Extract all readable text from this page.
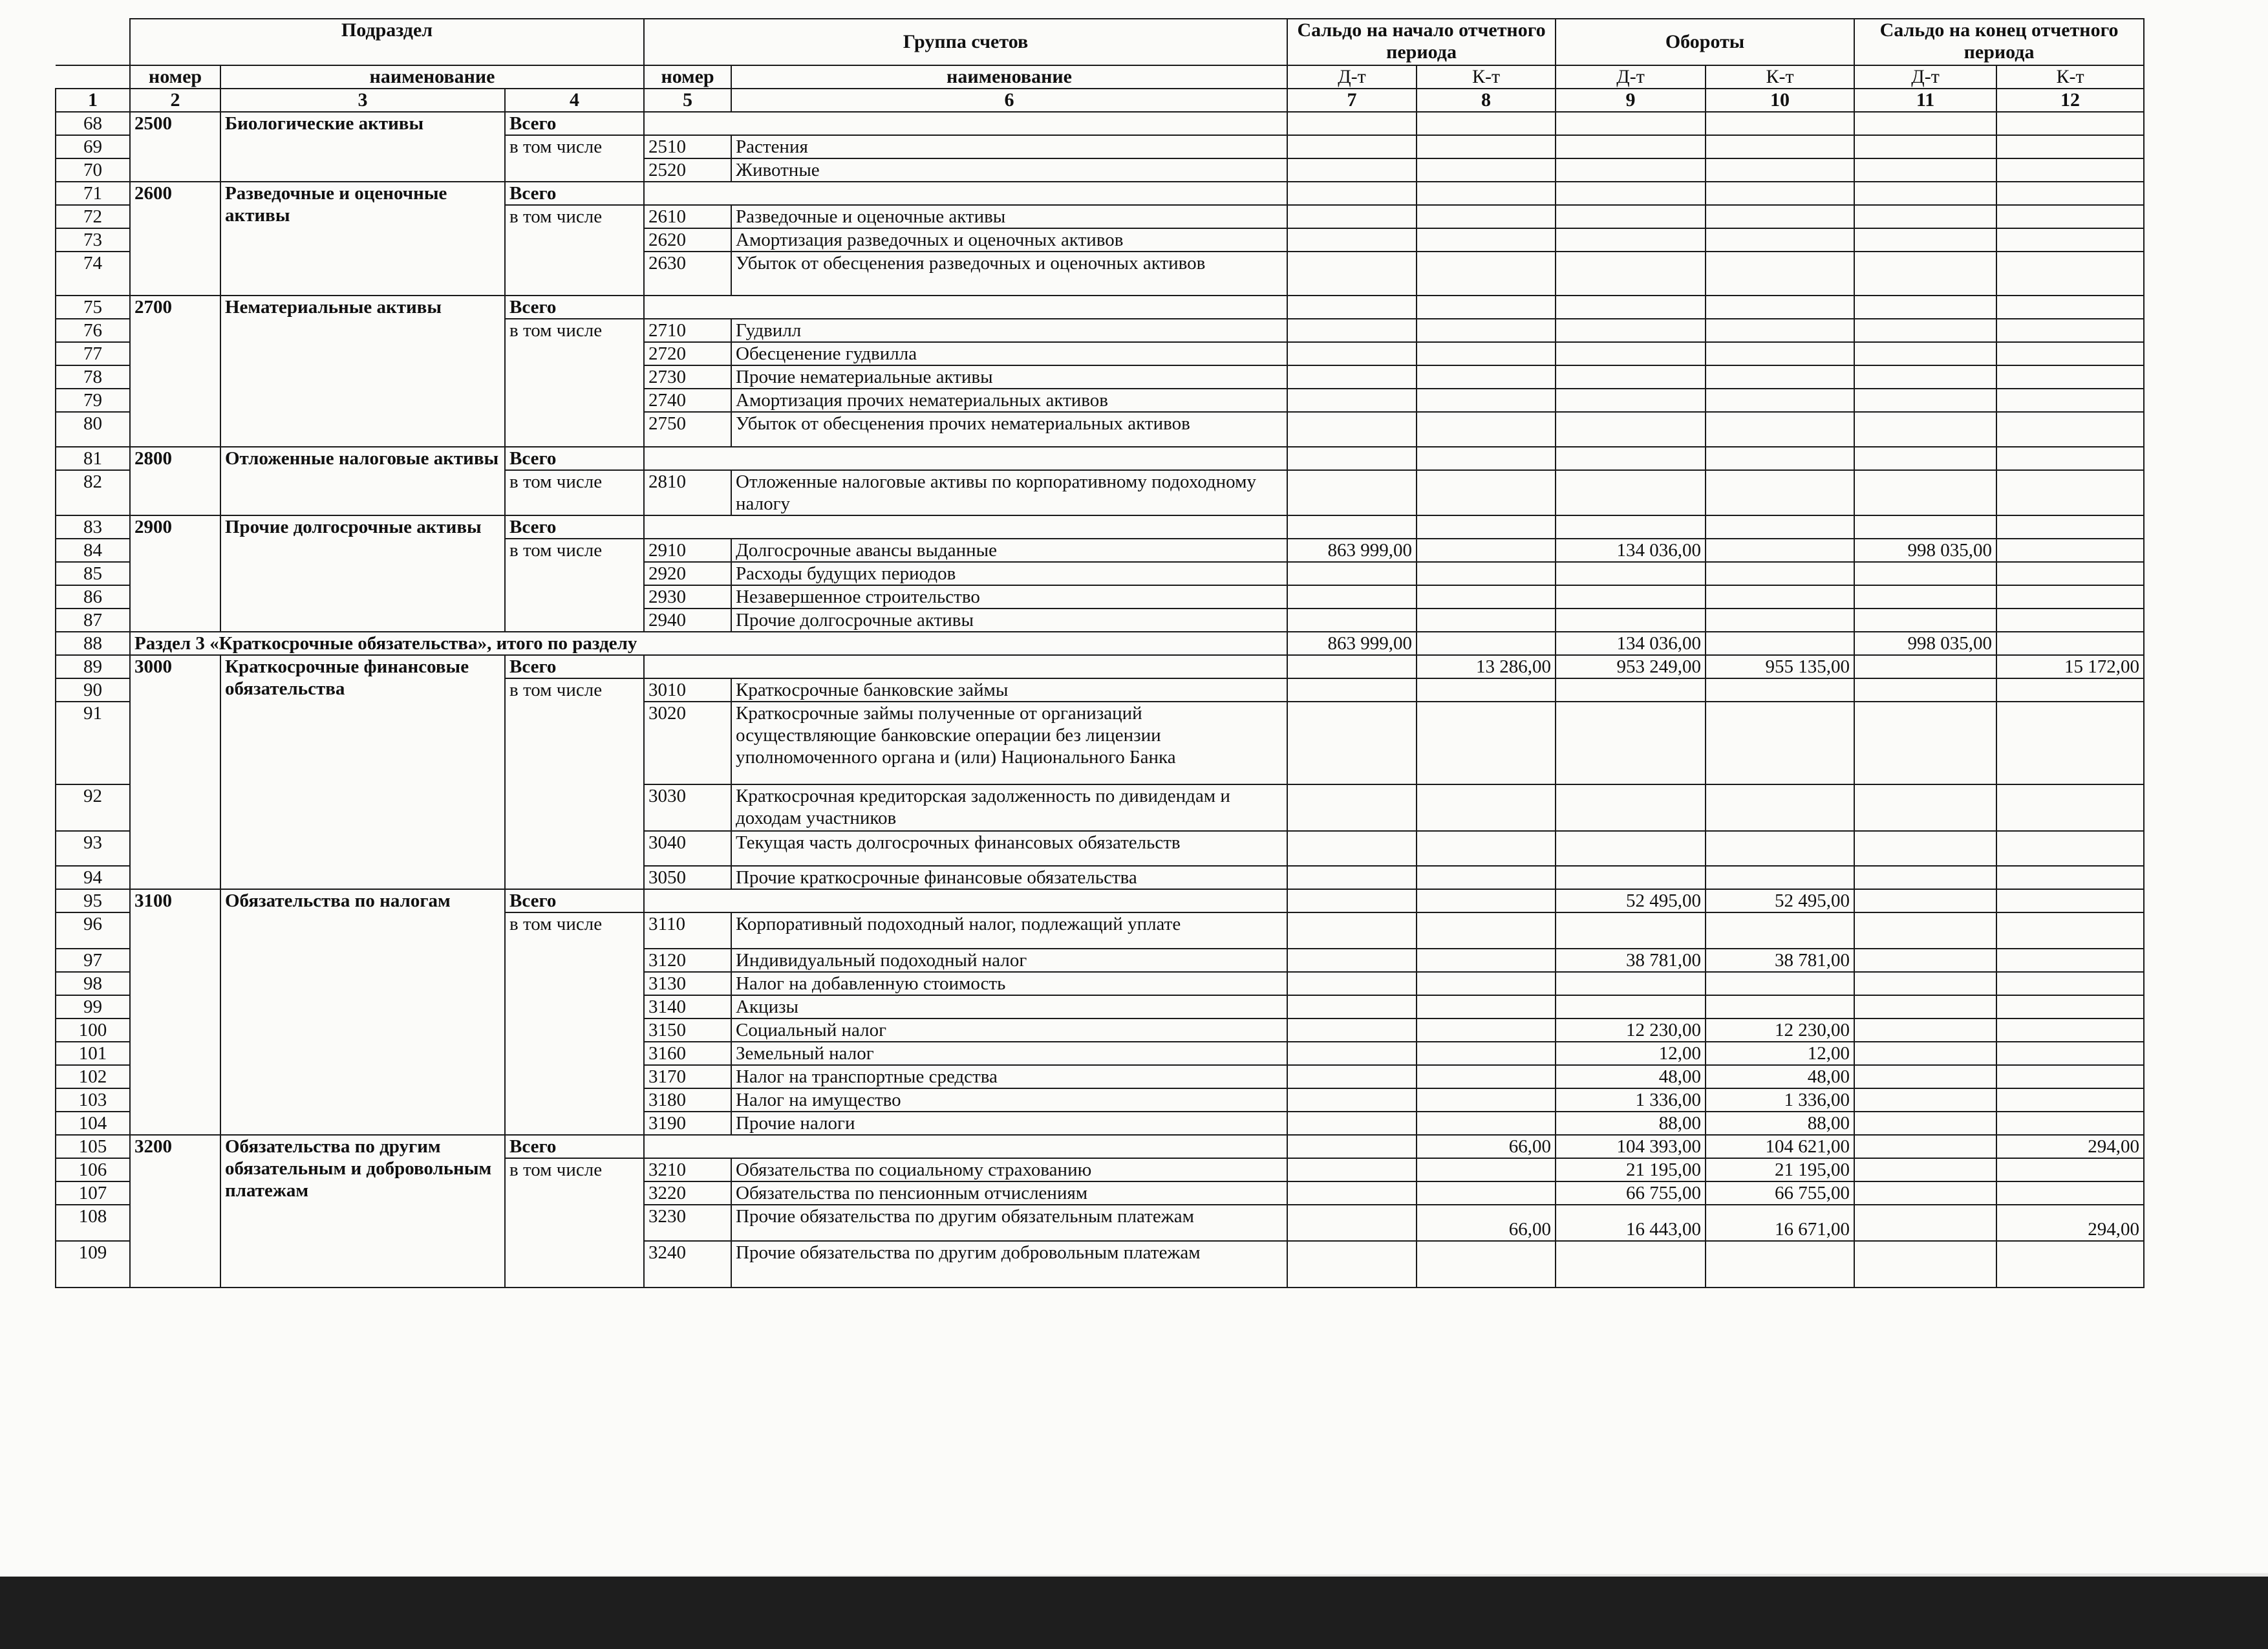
	Подраздел			Группа счетов		Сальдо на начало отчетного периода		Обороты		Сальдо на конец отчетного периода	
	номер	наименование		номер	наименование	Д-т	К-т	Д-т	К-т	Д-т	К-т
1	2	3	4	5	6	7	8	9	10	11	12
68	2500	Биологические активы	Всего								
69			в том числе	2510	Растения						
70				2520	Животные						
71	2600	Разведочные и оценочные активы	Всего								
72			в том числе	2610	Разведочные и оценочные активы						
73				2620	Амортизация разведочных и оценочных активов						
74				2630	Убыток от обесценения разведочных и оценочных активов						
75	2700	Нематериальные активы	Всего								
76			в том числе	2710	Гудвилл						
77				2720	Обесценение гудвилла						
78				2730	Прочие нематериальные активы						
79				2740	Амортизация прочих нематериальных активов						
80				2750	Убыток от обесценения прочих нематериальных активов						
81	2800	Отложенные налоговые активы	Всего								
82			в том числе	2810	Отложенные налоговые активы по корпоративному подоходному налогу						
83	2900	Прочие долгосрочные активы	Всего								
84			в том числе	2910	Долгосрочные авансы выданные	863 999,00		134 036,00		998 035,00	
85				2920	Расходы будущих периодов						
86				2930	Незавершенное строительство						
87				2940	Прочие долгосрочные активы						
88	Раздел 3 «Краткосрочные обязательства», итого по разделу					863 999,00		134 036,00		998 035,00	
89	3000	Краткосрочные финансовые обязательства	Всего				13 286,00	953 249,00	955 135,00		15 172,00
90			в том числе	3010	Краткосрочные банковские займы						
91				3020	Краткосрочные займы полученные от организаций осуществляющие банковские операции без лицензии уполномоченного органа и (или) Национального Банка						
92				3030	Краткосрочная кредиторская задолженность по дивидендам и доходам участников						
93				3040	Текущая часть долгосрочных финансовых обязательств						
94				3050	Прочие краткосрочные финансовые обязательства						
95	3100	Обязательства по налогам	Всего					52 495,00	52 495,00		
96			в том числе	3110	Корпоративный подоходный налог, подлежащий уплате						
97				3120	Индивидуальный подоходный налог			38 781,00	38 781,00		
98				3130	Налог на добавленную стоимость						
99				3140	Акцизы						
100				3150	Социальный налог			12 230,00	12 230,00		
101				3160	Земельный налог			12,00	12,00		
102				3170	Налог на транспортные средства			48,00	48,00		
103				3180	Налог на имущество			1 336,00	1 336,00		
104				3190	Прочие налоги			88,00	88,00		
105	3200	Обязательства по другим обязательным и добровольным платежам	Всего				66,00	104 393,00	104 621,00		294,00
106			в том числе	3210	Обязательства по социальному страхованию			21 195,00	21 195,00		
107				3220	Обязательства по пенсионным отчислениям			66 755,00	66 755,00		
108				3230	Прочие обязательства по другим обязательным платежам		66,00	16 443,00	16 671,00		294,00
109				3240	Прочие обязательства по другим добровольным платежам						
